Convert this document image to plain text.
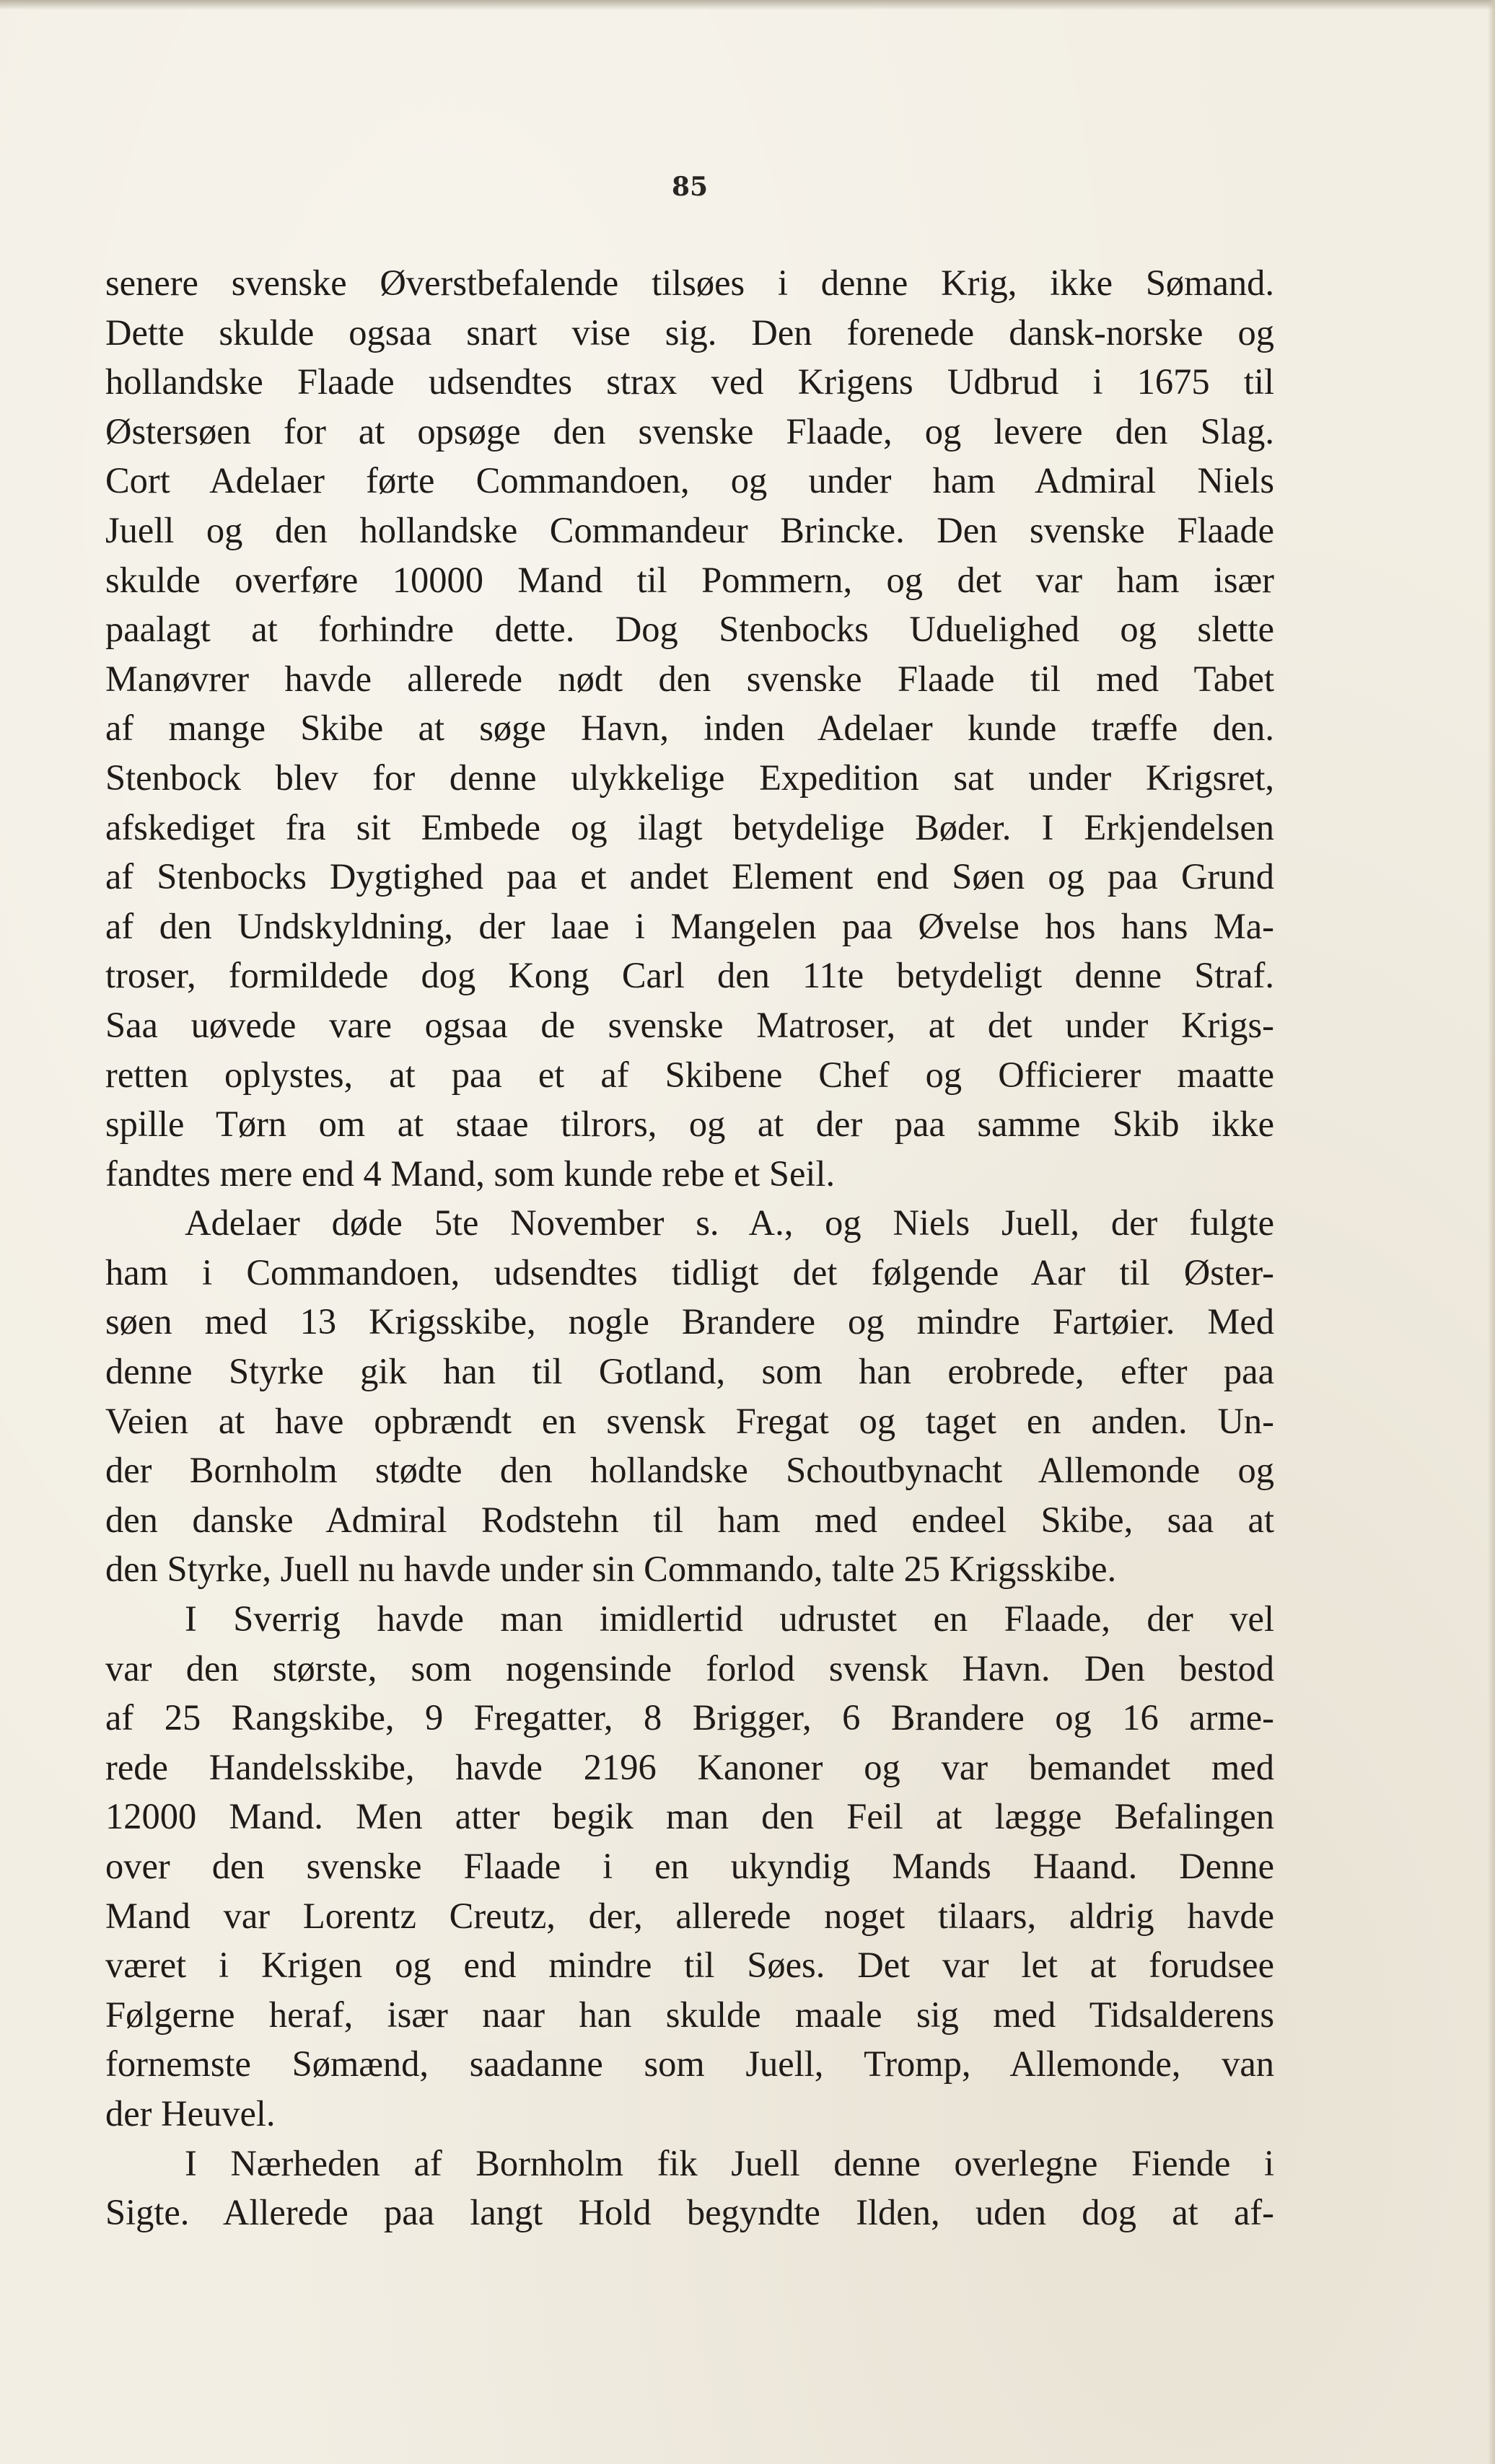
85
senere svenske Øverstbefalende tilsøes i denne Krig, ikke Sømand.
Dette skulde ogsaa snart vise sig. Den forenede dansk-norske og
hollandske Flaade udsendtes strax ved Krigens Udbrud i 1675 til
Østersøen for at opsøge den svenske Flaade, og levere den Slag.
Cort Adelaer førte Commandoen, og under ham Admiral Niels
Juell og den hollandske Commandeur Brincke. Den svenske Flaade
skulde overføre 10000 Mand til Pommern, og det var ham især
paalagt at forhindre dette. Dog Stenbocks Uduelighed og slette
Manøvrer havde allerede nødt den svenske Flaade til med Tabet
af mange Skibe at søge Havn, inden Adelaer kunde træffe den.
Stenbock blev for denne ulykkelige Expedition sat under Krigsret,
afskediget fra sit Embede og ilagt betydelige Bøder. I Erkjendelsen
af Stenbocks Dygtighed paa et andet Element end Søen og paa Grund
af den Undskyldning, der laae i Mangelen paa Øvelse hos hans Ma-
troser, formildede dog Kong Carl den 11te betydeligt denne Straf.
Saa uøvede vare ogsaa de svenske Matroser, at det under Krigs-
retten oplystes, at paa et af Skibene Chef og Officierer maatte
spille Tørn om at staae tilrors, og at der paa samme Skib ikke
fandtes mere end 4 Mand, som kunde rebe et Seil.
Adelaer døde 5te November s. A., og Niels Juell, der fulgte
ham i Commandoen, udsendtes tidligt det følgende Aar til Øster-
søen med 13 Krigsskibe, nogle Brandere og mindre Fartøier. Med
denne Styrke gik han til Gotland, som han erobrede, efter paa
Veien at have opbrændt en svensk Fregat og taget en anden. Un-
der Bornholm stødte den hollandske Schoutbynacht Allemonde og
den danske Admiral Rodstehn til ham med endeel Skibe, saa at
den Styrke, Juell nu havde under sin Commando, talte 25 Krigsskibe.
I Sverrig havde man imidlertid udrustet en Flaade, der vel
var den største, som nogensinde forlod svensk Havn. Den bestod
af 25 Rangskibe, 9 Fregatter, 8 Brigger, 6 Brandere og 16 arme-
rede Handelsskibe, havde 2196 Kanoner og var bemandet med
12000 Mand. Men atter begik man den Feil at lægge Befalingen
over den svenske Flaade i en ukyndig Mands Haand. Denne
Mand var Lorentz Creutz, der, allerede noget tilaars, aldrig havde
været i Krigen og end mindre til Søes. Det var let at forudsee
Følgerne heraf, især naar han skulde maale sig med Tidsalderens
fornemste Sømænd, saadanne som Juell, Tromp, Allemonde, van
der Heuvel.
I Nærheden af Bornholm fik Juell denne overlegne Fiende i
Sigte. Allerede paa langt Hold begyndte Ilden, uden dog at af-
